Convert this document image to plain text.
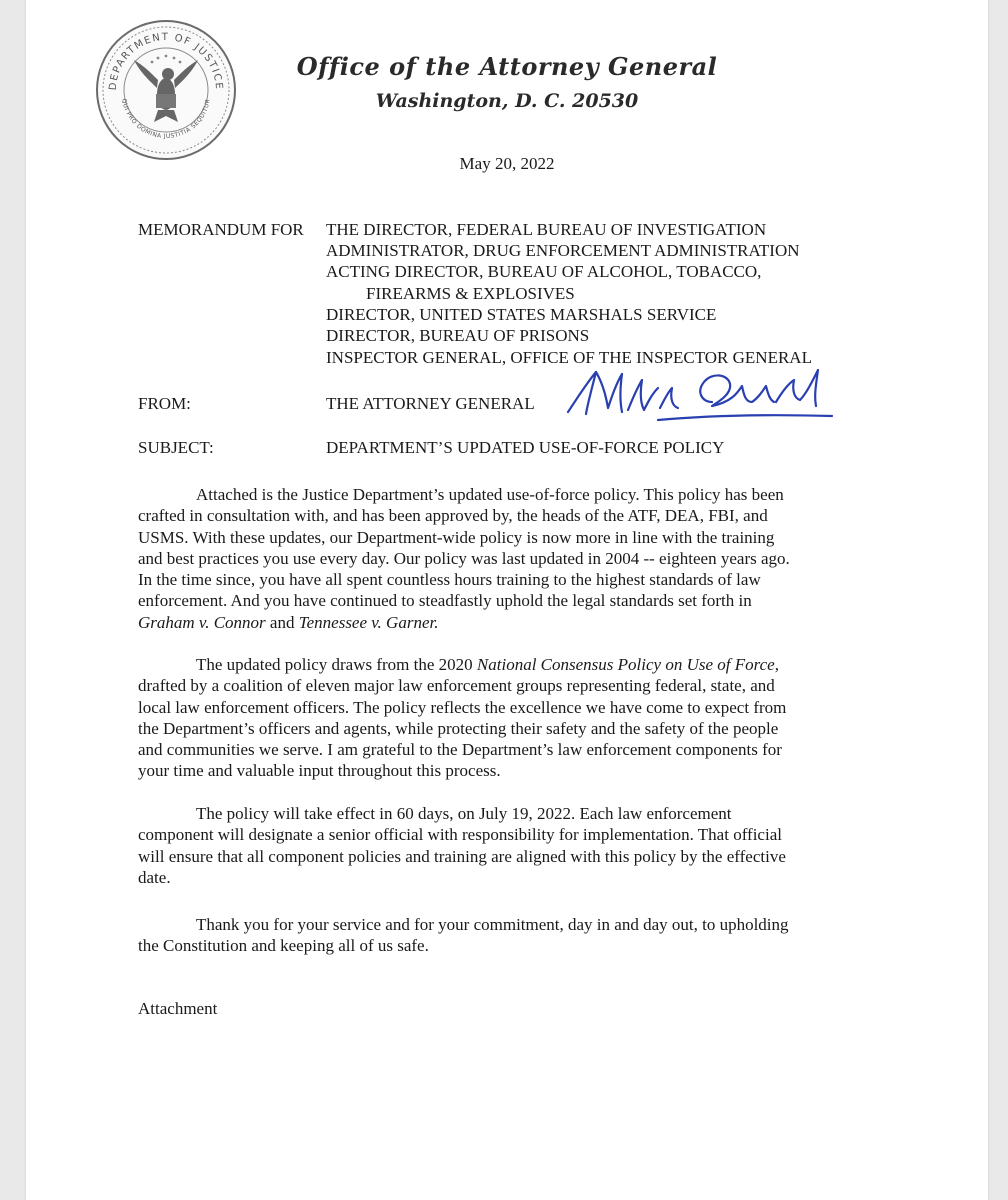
DEPARTMENT OF JUSTICE
QUI PRO DOMINA JUSTITIA SEQUITUR
Office of the Attorney General
Washington, D. C. 20530
May 20, 2022
MEMORANDUM FOR THE DIRECTOR, FEDERAL BUREAU OF INVESTIGATION
ADMINISTRATOR, DRUG ENFORCEMENT ADMINISTRATION
ACTING DIRECTOR, BUREAU OF ALCOHOL, TOBACCO,
FIREARMS & EXPLOSIVES
DIRECTOR, UNITED STATES MARSHALS SERVICE
DIRECTOR, BUREAU OF PRISONS
INSPECTOR GENERAL, OFFICE OF THE INSPECTOR GENERAL
FROM:	THE ATTORNEY GENERAL
SUBJECT:	DEPARTMENT’S UPDATED USE-OF-FORCE POLICY
Attached is the Justice Department’s updated use-of-force policy. This policy has been
crafted in consultation with, and has been approved by, the heads of the ATF, DEA, FBI, and
USMS. With these updates, our Department-wide policy is now more in line with the training
and best practices you use every day. Our policy was last updated in 2004 -- eighteen years ago.
In the time since, you have all spent countless hours training to the highest standards of law
enforcement. And you have continued to steadfastly uphold the legal standards set forth in
Graham v. Connor and Tennessee v. Garner.
The updated policy draws from the 2020 National Consensus Policy on Use of Force,
drafted by a coalition of eleven major law enforcement groups representing federal, state, and
local law enforcement officers. The policy reflects the excellence we have come to expect from
the Department’s officers and agents, while protecting their safety and the safety of the people
and communities we serve. I am grateful to the Department’s law enforcement components for
your time and valuable input throughout this process.
The policy will take effect in 60 days, on July 19, 2022. Each law enforcement
component will designate a senior official with responsibility for implementation. That official
will ensure that all component policies and training are aligned with this policy by the effective
date.
Thank you for your service and for your commitment, day in and day out, to upholding
the Constitution and keeping all of us safe.
Attachment
